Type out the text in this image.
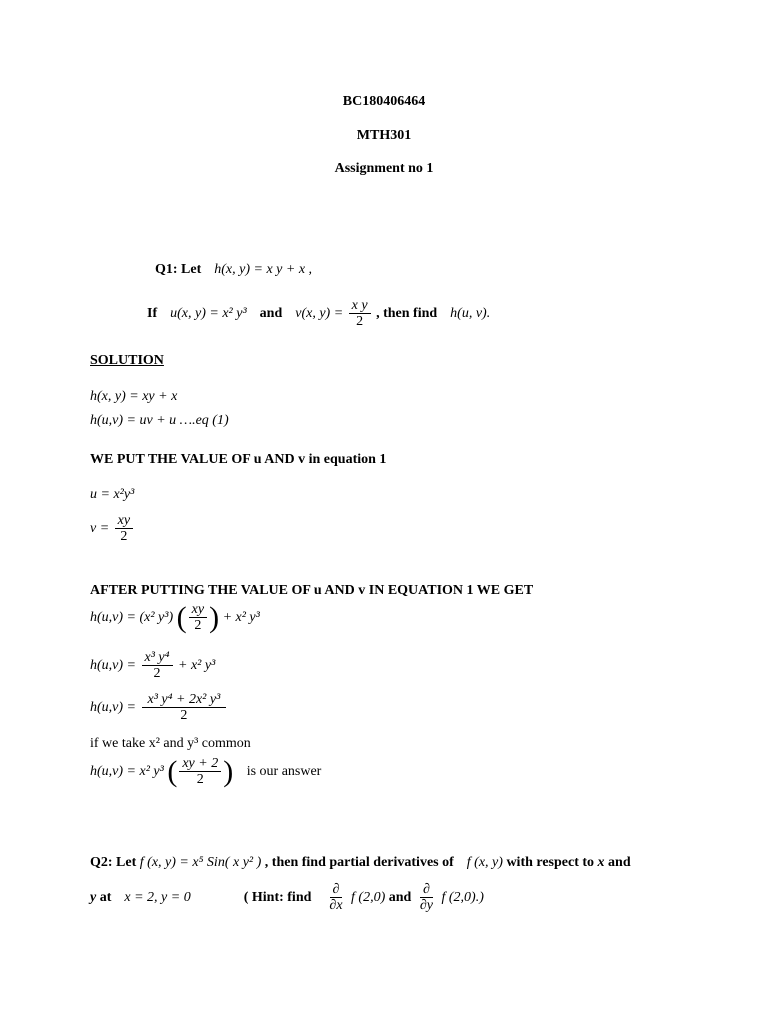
BC180406464
MTH301
Assignment no 1
Q1: Let h(x, y) = x y + x ,
If u(x, y) = x² y³ and v(x, $y) = \frac{\text{x y}}{2}$ , then find h(u, v).
SOLUTION
h(x, y) = xy + x
h(u,v) = uv + u ….eq (1)
WE PUT THE VALUE OF u AND v in equation 1
u = x²y³
$v = \frac{xy}{2}$
AFTER PUTTING THE VALUE OF u AND v IN EQUATION 1 WE GET
h(u,v) = (x² y³) ( $\frac{xy}{2}$ ) + x² y³
$h(u,v) = \frac{\text{x³ y⁴}}{2} + x^2$ y³
$h(u,v) = \frac{\text{x³ y⁴ + 2x² y³}}{2}$
if we take x² and y³ common
h(u,v) = x² y³ ( $\frac{xy + 2}{2}$ ) is our answer
Q2: Let f (x, y) = x⁵ Sin( x y² ) , then find partial derivatives of f (x, y) with respect to x and
y at x = 2, y = 0	( Hint: find $\frac{\partial}{\partial x}$ f (2,0) and $\frac{\partial}{\partial y}$ f (2,0).)
